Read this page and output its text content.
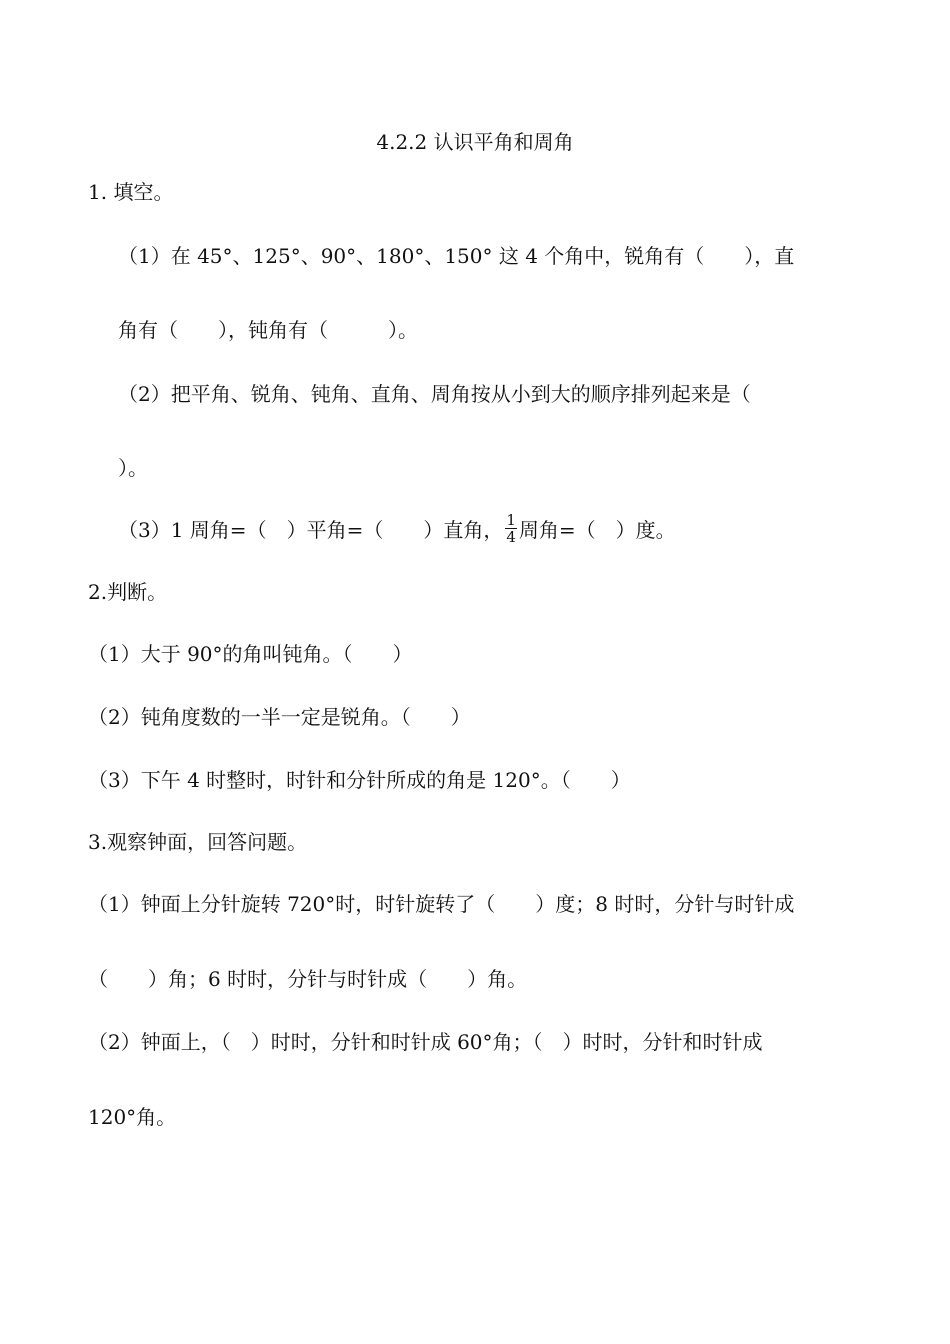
4.2.2 认识平角和周角
1. 填空。
（1）在 45°、125°、90°、180°、150° 这 4 个角中，锐角有（　　），直
角有（　　），钝角有（　　　）。
（2）把平角、锐角、钝角、直角、周角按从小到大的顺序排列起来是（
）。
（3）1 周角=（　）平角=（　　）直角， $\frac{1}{4}$ 周角=（　）度。
2.判断。
（1）大于 90°的角叫钝角。（　　）
（2）钝角度数的一半一定是锐角。（　　）
（3）下午 4 时整时，时针和分针所成的角是 120°。（　　）
3.观察钟面，回答问题。
（1）钟面上分针旋转 720°时，时针旋转了（　　）度；8 时时，分针与时针成
（　　）角；6 时时，分针与时针成（　　）角。
（2）钟面上，（　）时时，分针和时针成 60°角；（　）时时，分针和时针成
120°角。
